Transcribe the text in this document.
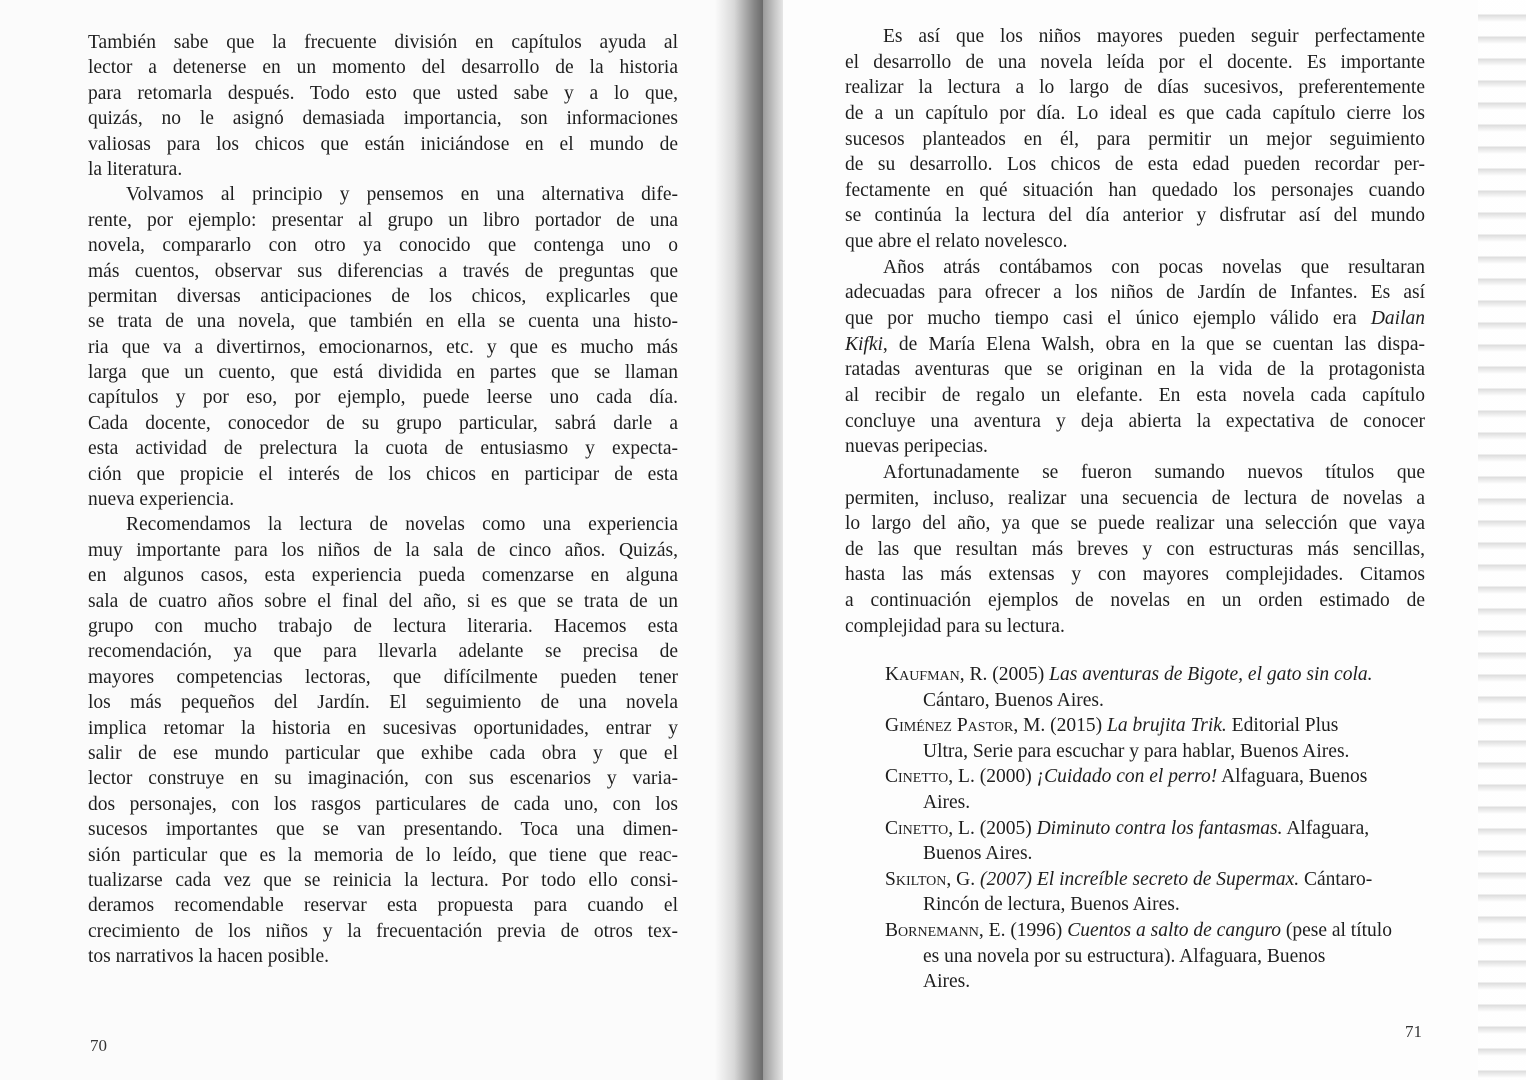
También sabe que la frecuente división en capítulos ayuda al
lector a detenerse en un momento del desarrollo de la historia
para retomarla después. Todo esto que usted sabe y a lo que,
quizás, no le asignó demasiada importancia, son informaciones
valiosas para los chicos que están iniciándose en el mundo de
la literatura.
Volvamos al principio y pensemos en una alternativa dife-
rente, por ejemplo: presentar al grupo un libro portador de una
novela, compararlo con otro ya conocido que contenga uno o
más cuentos, observar sus diferencias a través de preguntas que
permitan diversas anticipaciones de los chicos, explicarles que
se trata de una novela, que también en ella se cuenta una histo-
ria que va a divertirnos, emocionarnos, etc. y que es mucho más
larga que un cuento, que está dividida en partes que se llaman
capítulos y por eso, por ejemplo, puede leerse uno cada día.
Cada docente, conocedor de su grupo particular, sabrá darle a
esta actividad de prelectura la cuota de entusiasmo y expecta-
ción que propicie el interés de los chicos en participar de esta
nueva experiencia.
Recomendamos la lectura de novelas como una experiencia
muy importante para los niños de la sala de cinco años. Quizás,
en algunos casos, esta experiencia pueda comenzarse en alguna
sala de cuatro años sobre el final del año, si es que se trata de un
grupo con mucho trabajo de lectura literaria. Hacemos esta
recomendación, ya que para llevarla adelante se precisa de
mayores competencias lectoras, que difícilmente pueden tener
los más pequeños del Jardín. El seguimiento de una novela
implica retomar la historia en sucesivas oportunidades, entrar y
salir de ese mundo particular que exhibe cada obra y que el
lector construye en su imaginación, con sus escenarios y varia-
dos personajes, con los rasgos particulares de cada uno, con los
sucesos importantes que se van presentando. Toca una dimen-
sión particular que es la memoria de lo leído, que tiene que reac-
tualizarse cada vez que se reinicia la lectura. Por todo ello consi-
deramos recomendable reservar esta propuesta para cuando el
crecimiento de los niños y la frecuentación previa de otros tex-
tos narrativos la hacen posible.
70
Es así que los niños mayores pueden seguir perfectamente
el desarrollo de una novela leída por el docente. Es importante
realizar la lectura a lo largo de días sucesivos, preferentemente
de a un capítulo por día. Lo ideal es que cada capítulo cierre los
sucesos planteados en él, para permitir un mejor seguimiento
de su desarrollo. Los chicos de esta edad pueden recordar per-
fectamente en qué situación han quedado los personajes cuando
se continúa la lectura del día anterior y disfrutar así del mundo
que abre el relato novelesco.
Años atrás contábamos con pocas novelas que resultaran
adecuadas para ofrecer a los niños de Jardín de Infantes. Es así
que por mucho tiempo casi el único ejemplo válido era Dailan
Kifki, de María Elena Walsh, obra en la que se cuentan las dispa-
ratadas aventuras que se originan en la vida de la protagonista
al recibir de regalo un elefante. En esta novela cada capítulo
concluye una aventura y deja abierta la expectativa de conocer
nuevas peripecias.
Afortunadamente se fueron sumando nuevos títulos que
permiten, incluso, realizar una secuencia de lectura de novelas a
lo largo del año, ya que se puede realizar una selección que vaya
de las que resultan más breves y con estructuras más sencillas,
hasta las más extensas y con mayores complejidades. Citamos
a continuación ejemplos de novelas en un orden estimado de
complejidad para su lectura.
Kaufman, R. (2005) Las aventuras de Bigote, el gato sin cola.
Cántaro, Buenos Aires.
Giménez Pastor, M. (2015) La brujita Trik. Editorial Plus
Ultra, Serie para escuchar y para hablar, Buenos Aires.
Cinetto, L. (2000) ¡Cuidado con el perro! Alfaguara, Buenos
Aires.
Cinetto, L. (2005) Diminuto contra los fantasmas. Alfaguara,
Buenos Aires.
Skilton, G. (2007) El increíble secreto de Supermax. Cántaro-
Rincón de lectura, Buenos Aires.
Bornemann, E. (1996) Cuentos a salto de canguro (pese al título
es una novela por su estructura). Alfaguara, Buenos
Aires.
71
